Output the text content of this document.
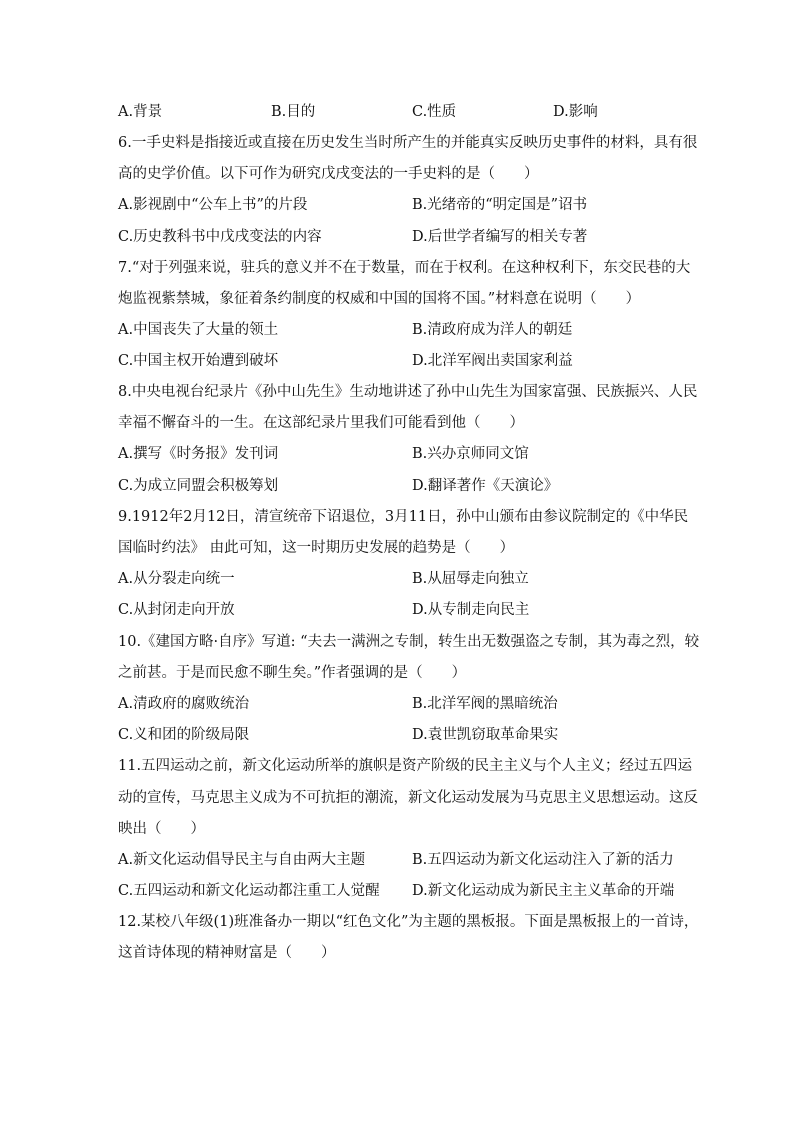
A.背景	B.目的	C.性质	D.影响
6.一手史料是指接近或直接在历史发生当时所产生的并能真实反映历史事件的材料，具有很
高的史学价值。以下可作为研究戊戌变法的一手史料的是（　　）
A.影视剧中“公车上书”的片段	B.光绪帝的“明定国是”诏书
C.历史教科书中戊戌变法的内容	D.后世学者编写的相关专著
7.“对于列强来说，驻兵的意义并不在于数量，而在于权利。在这种权利下，东交民巷的大
炮监视紫禁城，象征着条约制度的权威和中国的国将不国。”材料意在说明（　　）
A.中国丧失了大量的领土	B.清政府成为洋人的朝廷
C.中国主权开始遭到破坏	D.北洋军阀出卖国家利益
8.中央电视台纪录片《孙中山先生》生动地讲述了孙中山先生为国家富强、民族振兴、人民
幸福不懈奋斗的一生。在这部纪录片里我们可能看到他（　　）
A.撰写《时务报》发刊词	B.兴办京师同文馆
C.为成立同盟会积极筹划	D.翻译著作《天演论》
9.1912年2月12日，清宣统帝下诏退位，3月11日，孙中山颁布由参议院制定的《中华民
国临时约法》 由此可知，这一时期历史发展的趋势是（　　）
A.从分裂走向统一	B.从屈辱走向独立
C.从封闭走向开放	D.从专制走向民主
10.《建国方略·自序》写道: “夫去一满洲之专制，转生出无数强盗之专制，其为毒之烈，较
之前甚。于是而民愈不聊生矣。”作者强调的是（　　）
A.清政府的腐败统治	B.北洋军阀的黑暗统治
C.义和团的阶级局限	D.袁世凯窃取革命果实
11.五四运动之前，新文化运动所举的旗帜是资产阶级的民主主义与个人主义；经过五四运
动的宣传，马克思主义成为不可抗拒的潮流，新文化运动发展为马克思主义思想运动。这反
映出（　　）
A.新文化运动倡导民主与自由两大主题	B.五四运动为新文化运动注入了新的活力
C.五四运动和新文化运动都注重工人觉醒 D.新文化运动成为新民主主义革命的开端
12.某校八年级(1)班准备办一期以“红色文化”为主题的黑板报。下面是黑板报上的一首诗，
这首诗体现的精神财富是（　　）
